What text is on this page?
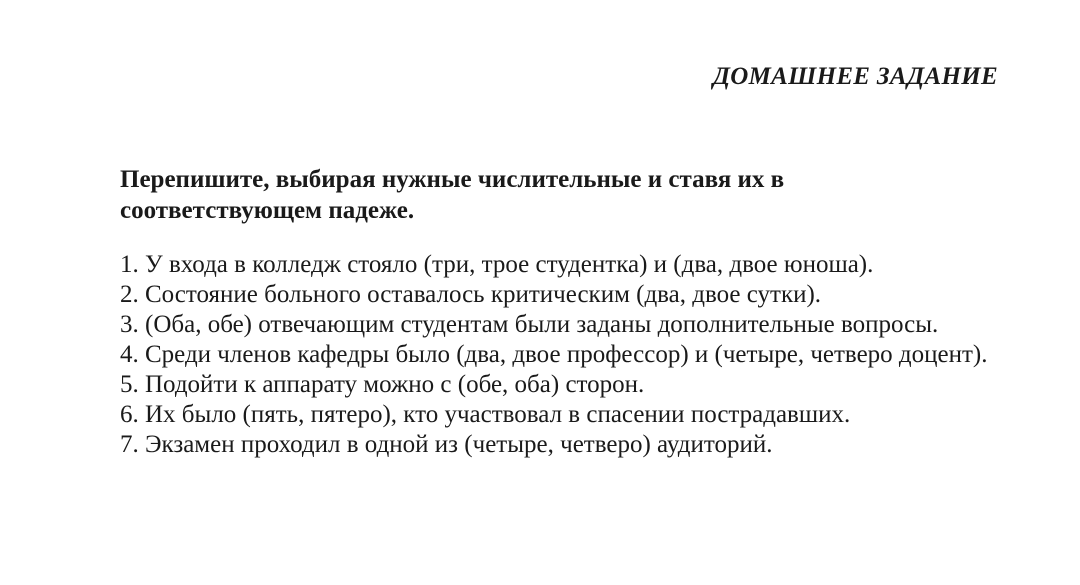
ДОМАШНЕЕ ЗАДАНИЕ

Перепишите, выбирая нужные числительные и ставя их в соответствующем падеже.

1. У входа в колледж стояло (три, трое студентка) и (два, двое юноша).
2. Состояние больного оставалось критическим (два, двое сутки).
3. (Оба, обе) отвечающим студентам были заданы дополнительные вопросы.
4. Среди членов кафедры было (два, двое профессор) и (четыре, четверо доцент).
5. Подойти к аппарату можно с (обе, оба) сторон.
6. Их было (пять, пятеро), кто участвовал в спасении пострадавших.
7. Экзамен проходил в одной из (четыре, четверо) аудиторий.
